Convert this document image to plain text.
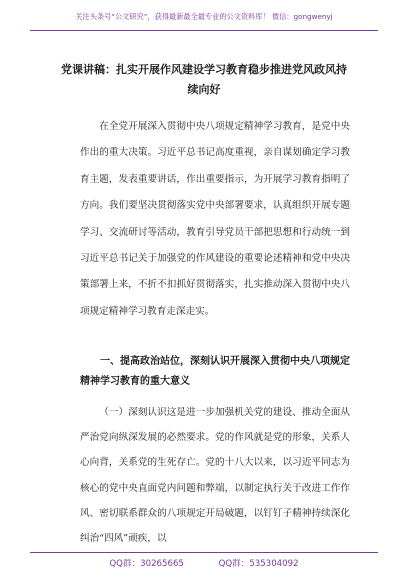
关注头条号“公文研究”，获得最新最全最专业的公文资料库！ 微信：gongwenyj
党课讲稿：扎实开展作风建设学习教育稳步推进党风政风持续向好
在全党开展深入贯彻中央八项规定精神学习教育，是党中央作出的重大决策。习近平总书记高度重视，亲自谋划确定学习教育主题，发表重要讲话，作出重要指示，为开展学习教育指明了方向。我们要坚决贯彻落实党中央部署要求，认真组织开展专题学习、交流研讨等活动，教育引导党员干部把思想和行动统一到习近平总书记关于加强党的作风建设的重要论述精神和党中央决策部署上来，不折不扣抓好贯彻落实，扎实推动深入贯彻中央八项规定精神学习教育走深走实。
一、提高政治站位，深刻认识开展深入贯彻中央八项规定精神学习教育的重大意义
（一）深刻认识这是进一步加强机关党的建设、推动全面从严治党向纵深发展的必然要求。党的作风就是党的形象，关系人心向背，关系党的生死存亡。党的十八大以来，以习近平同志为核心的党中央直面党内问题和弊端，以制定执行关于改进工作作风、密切联系群众的八项规定开局破题，以钉钉子精神持续深化纠治“四风”顽疾，以
QQ群：30265665	QQ群：535304092
